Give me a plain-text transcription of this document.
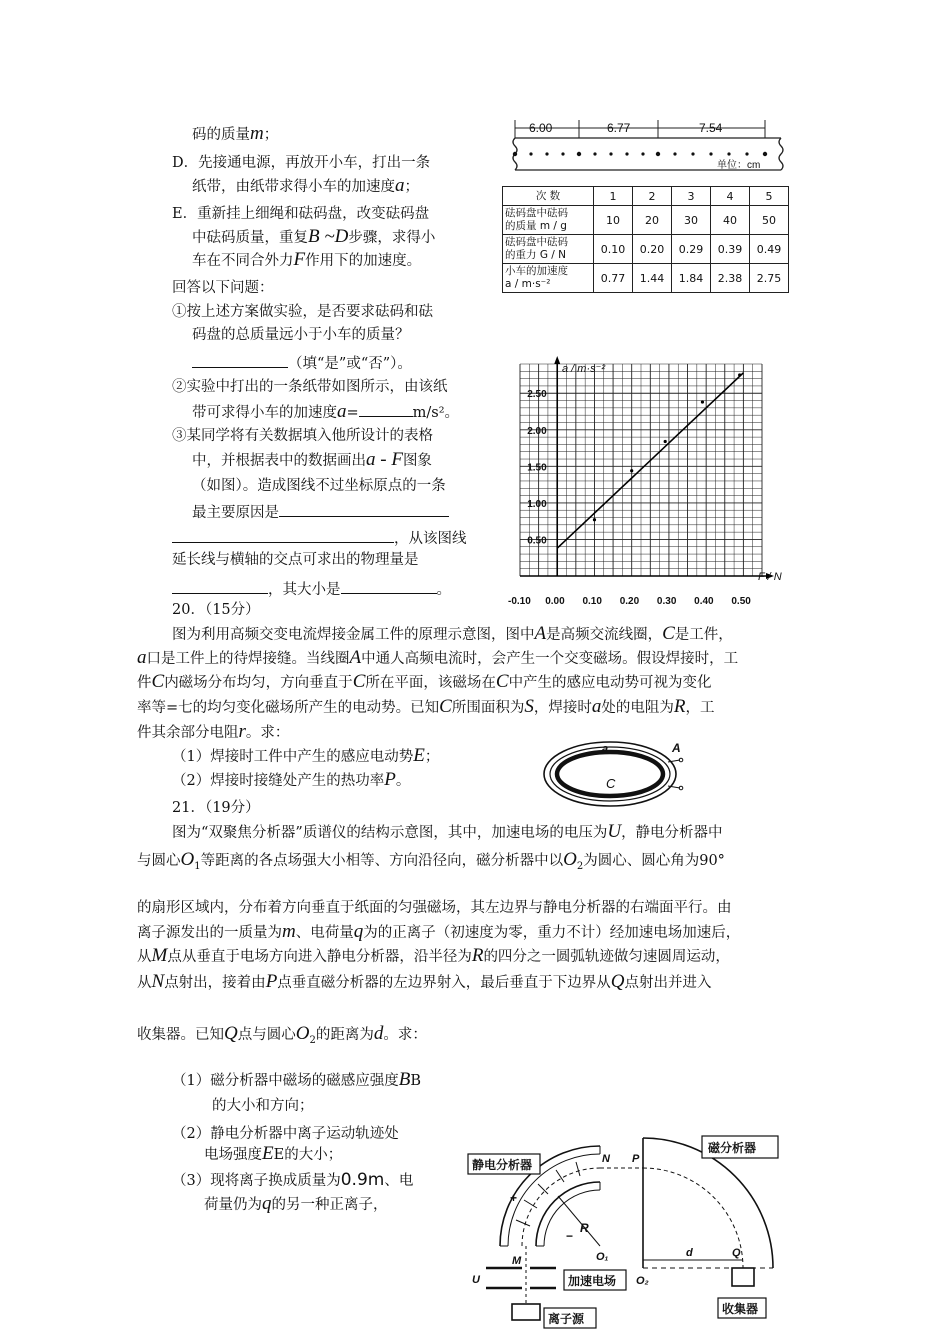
码的质量m；
D．先接通电源，再放开小车，打出一条
纸带，由纸带求得小车的加速度a；
E．重新挂上细绳和砝码盘，改变砝码盘
中砝码质量，重复B ~D步骤，求得小
车在不同合外力F作用下的加速度。
回答以下问题：
①按上述方案做实验，是否要求砝码和砝
码盘的总质量远小于小车的质量？
（填“是”或“否”）。
②实验中打出的一条纸带如图所示，由该纸
带可求得小车的加速度a=	m/s²。
③某同学将有关数据填入他所设计的表格
中，并根据表中的数据画出a - F图象
（如图）。造成图线不过坐标原点的一条
最主要原因是
，从该图线
延长线与横轴的交点可求出的物理量是
，其大小是	。
6.00	6.77	7.54
单位：cm
次 数	1	2	3	4	5
砝码盘中砝码
的质量 m / g	10	20	30	40	50
砝码盘中砝码
的重力 G / N	0.10	0.20	0.29	0.39	0.49
小车的加速度
a / m·s⁻²	0.77	1.44	1.84	2.38	2.75
-0.10 0.00 0.10 0.20 0.30 0.40 0.50
0.50
1.00
1.50
2.00
2.50
a / m·s⁻²
F / N
20．（15分）
图为利用高频交变电流焊接金属工件的原理示意图，图中A是高频交流线圈，C是工件，
a口是工件上的待焊接缝。当线圈A中通人高频电流时，会产生一个交变磁场。假设焊接时，工
件C内磁场分布均匀，方向垂直于C所在平面，该磁场在C中产生的感应电动势可视为变化
率等=七的均匀变化磁场所产生的电动势。已知C所围面积为S，焊接时a处的电阻为R，工
件其余部分电阻r。求：
（1）焊接时工件中产生的感应电动势E；
（2）焊接时接缝处产生的热功率P。
A
a
C
21．（19分）
图为“双聚焦分析器”质谱仪的结构示意图，其中，加速电场的电压为U，静电分析器中
与圆心$O_1$等距离的各点场强大小相等、方向沿径向，磁分析器中以$O_2$为圆心、圆心角为90°
的扇形区域内，分布着方向垂直于纸面的匀强磁场，其左边界与静电分析器的右端面平行。由
离子源发出的一质量为m、电荷量q为的正离子（初速度为零，重力不计）经加速电场加速后，
从M点从垂直于电场方向进入静电分析器，沿半径为R的四分之一圆弧轨迹做匀速圆周运动，
从N点射出，接着由P点垂直磁分析器的左边界射入，最后垂直于下边界从Q点射出并进入
收集器。已知Q点与圆心$O_2$的距离为d。求：
（1）磁分析器中磁场的磁感应强度BB
的大小和方向；
（2）静电分析器中离子运动轨迹处
电场强度EE的大小；
（3）现将离子换成质量为0.9m、电
荷量仍为q的另一种正离子，
磁分析器
R
+
−
静电分析器	N P
O₁
O₂
d	Q
收集器
M
U	加速电场
离子源
